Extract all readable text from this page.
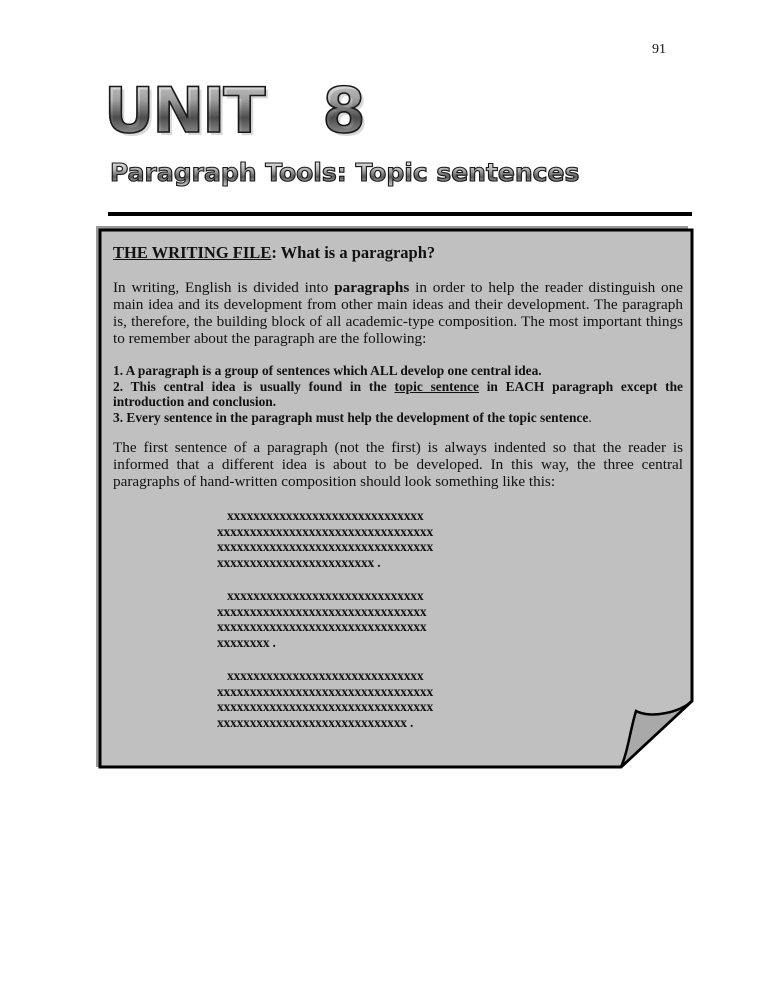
91
UNIT   8
Paragraph Tools: Topic sentences

THE WRITING FILE: What is a paragraph?

In writing, English is divided into paragraphs in order to help the reader distinguish one main idea and its development from other main ideas and their development. The paragraph is, therefore, the building block of all academic-type composition. The most important things to remember about the paragraph are the following:

1. A paragraph is a group of sentences which ALL develop one central idea.
2. This central idea is usually found in the topic sentence in EACH paragraph except the introduction and conclusion.
3. Every sentence in the paragraph must help the development of the topic sentence.

The first sentence of a paragraph (not the first) is always indented so that the reader is informed that a different idea is about to be developed. In this way, the three central paragraphs of hand-written composition should look something like this:

xxxxxxxxxxxxxxxxxxxxxxxxxxxxxx
xxxxxxxxxxxxxxxxxxxxxxxxxxxxxxxxx
xxxxxxxxxxxxxxxxxxxxxxxxxxxxxxxxx
xxxxxxxxxxxxxxxxxxxxxxxx .
xxxxxxxxxxxxxxxxxxxxxxxxxxxxxx
xxxxxxxxxxxxxxxxxxxxxxxxxxxxxxxx
xxxxxxxxxxxxxxxxxxxxxxxxxxxxxxxx
xxxxxxxx .
xxxxxxxxxxxxxxxxxxxxxxxxxxxxxx
xxxxxxxxxxxxxxxxxxxxxxxxxxxxxxxxx
xxxxxxxxxxxxxxxxxxxxxxxxxxxxxxxxx
xxxxxxxxxxxxxxxxxxxxxxxxxxxxx .
